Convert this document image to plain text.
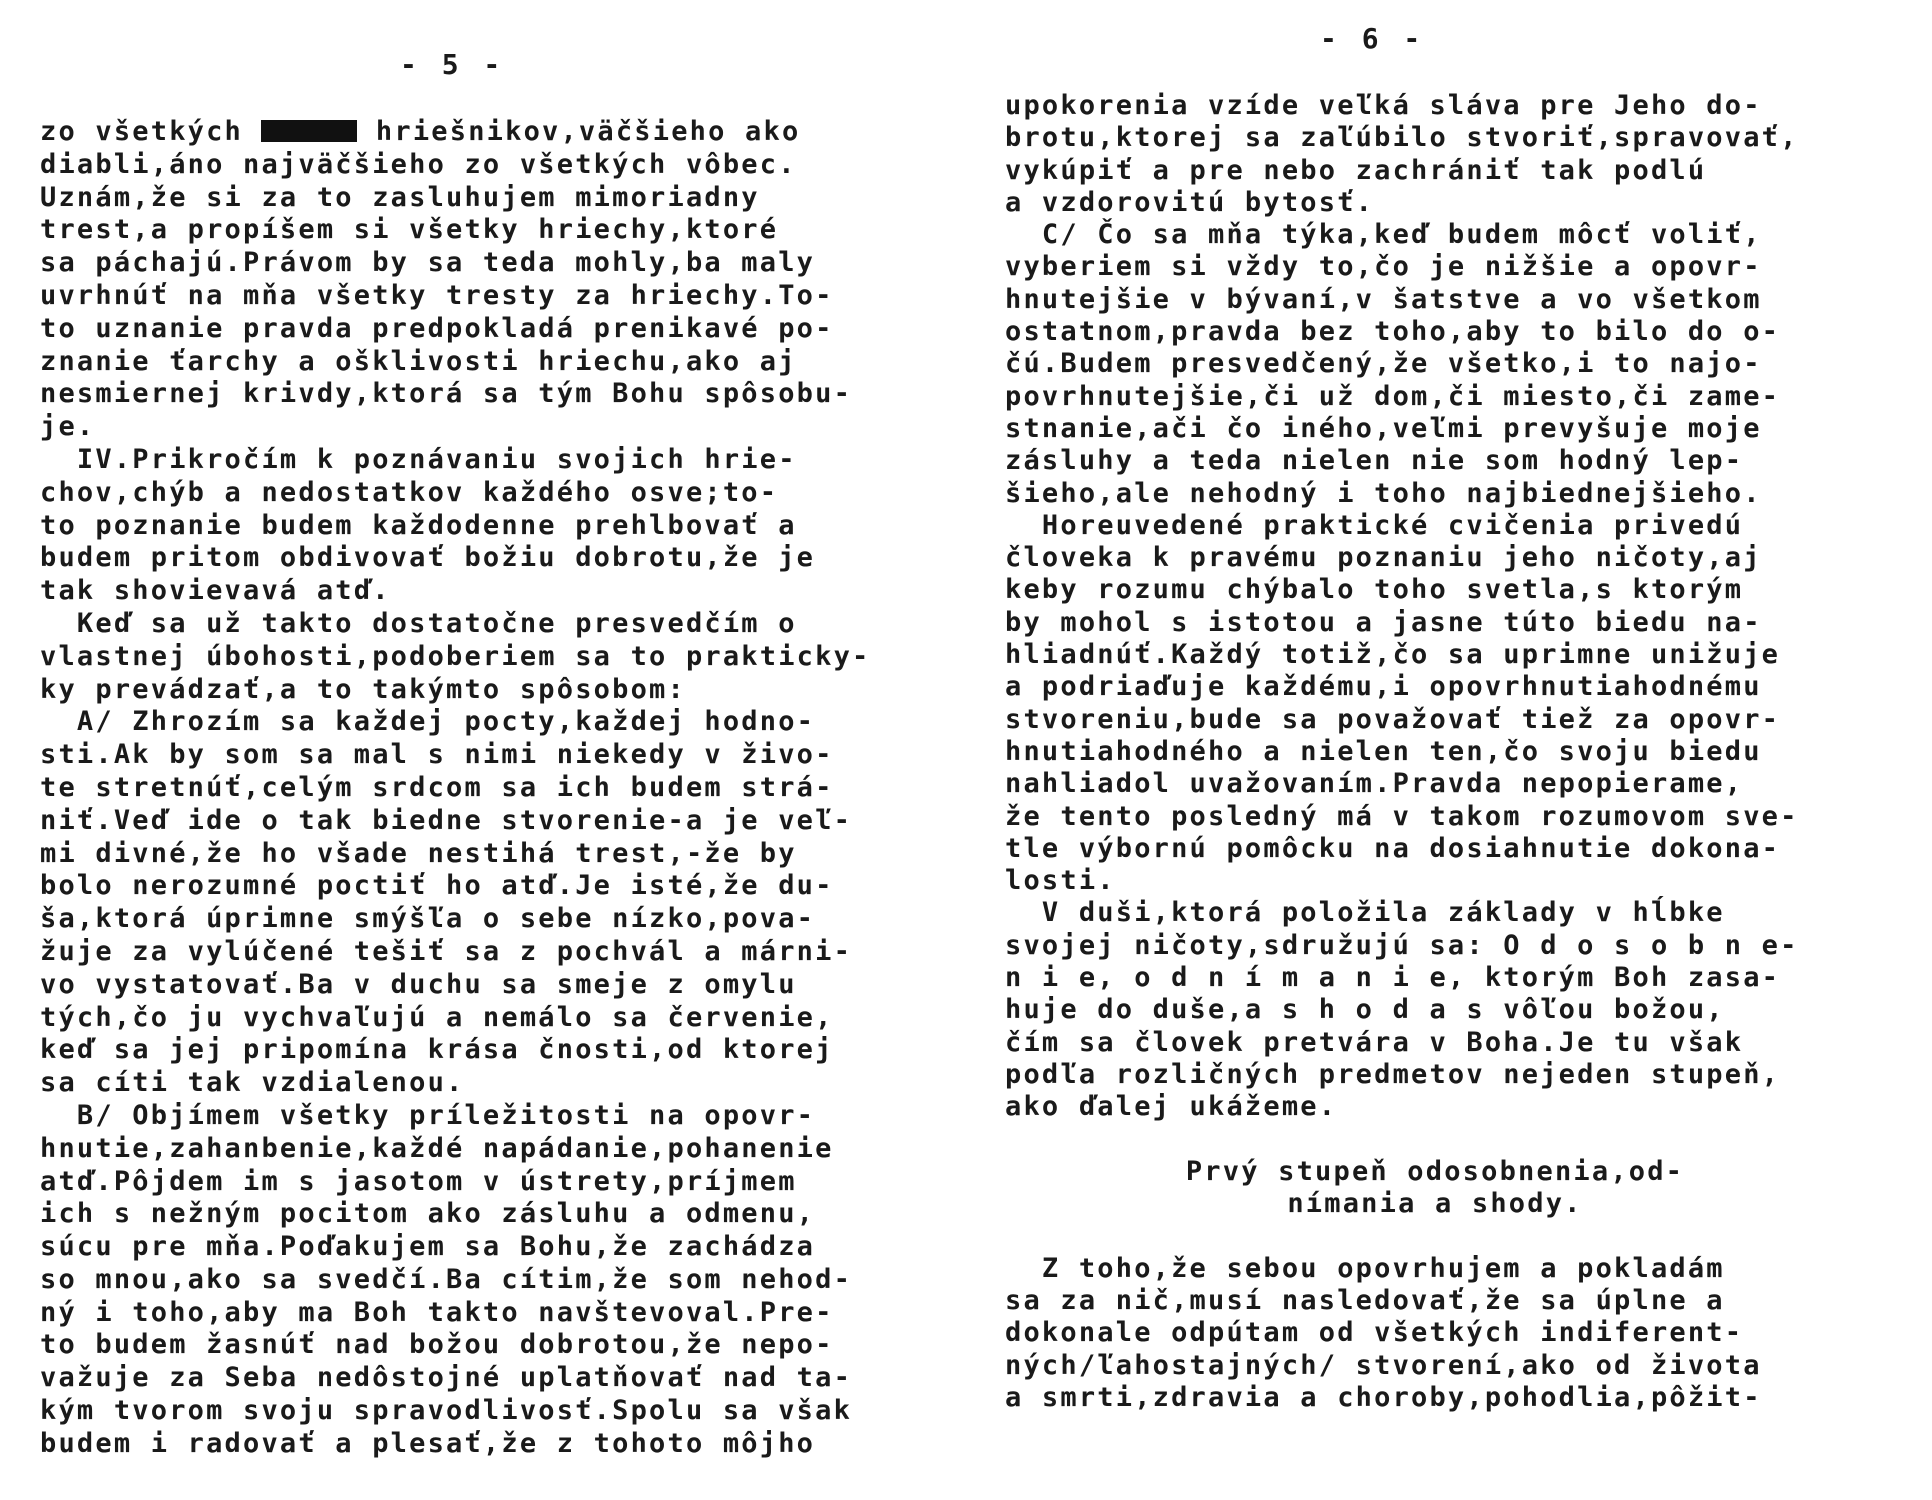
- 5 -
zo všetkých	hriešnikov,väčšieho ako
diabli,áno najväčšieho zo všetkých vôbec.
Uznám,že si za to zasluhujem mimoriadny
trest,a propíšem si všetky hriechy,ktoré
sa páchajú.Právom by sa teda mohly,ba maly
uvrhnúť na mňa všetky tresty za hriechy.To-
to uznanie pravda predpokladá prenikavé po-
znanie ťarchy a ošklivosti hriechu,ako aj
nesmiernej krivdy,ktorá sa tým Bohu spôsobu-
je.
IV.Prikročím k poznávaniu svojich hrie-
chov,chýb a nedostatkov každého osve;to-
to poznanie budem každodenne prehlbovať a
budem pritom obdivovať božiu dobrotu,že je
tak shovievavá atď.
Keď sa už takto dostatočne presvedčím o
vlastnej úbohosti,podoberiem sa to prakticky-
ky prevádzať,a to takýmto spôsobom:
A/ Zhrozím sa každej pocty,každej hodno-
sti.Ak by som sa mal s nimi niekedy v živo-
te stretnúť,celým srdcom sa ich budem strá-
niť.Veď ide o tak biedne stvorenie-a je veľ-
mi divné,že ho všade nestihá trest,-že by
bolo nerozumné poctiť ho atď.Je isté,že du-
ša,ktorá úprimne smýšľa o sebe nízko,pova-
žuje za vylúčené tešiť sa z pochvál a márni-
vo vystatovať.Ba v duchu sa smeje z omylu
tých,čo ju vychvaľujú a nemálo sa červenie,
keď sa jej pripomína krása čnosti,od ktorej
sa cíti tak vzdialenou.
B/ Objímem všetky príležitosti na opovr-
hnutie,zahanbenie,každé napádanie,pohanenie
atď.Pôjdem im s jasotom v ústrety,príjmem
ich s nežným pocitom ako zásluhu a odmenu,
súcu pre mňa.Poďakujem sa Bohu,že zachádza
so mnou,ako sa svedčí.Ba cítim,že som nehod-
ný i toho,aby ma Boh takto navštevoval.Pre-
to budem žasnúť nad božou dobrotou,že nepo-
važuje za Seba nedôstojné uplatňovať nad ta-
kým tvorom svoju spravodlivosť.Spolu sa však
budem i radovať a plesať,že z tohoto môjho
- 6 -
upokorenia vzíde veľká sláva pre Jeho do-
brotu,ktorej sa zaľúbilo stvoriť,spravovať,
vykúpiť a pre nebo zachrániť tak podlú
a vzdorovitú bytosť.
C/ Čo sa mňa týka,keď budem môcť voliť,
vyberiem si vždy to,čo je nižšie a opovr-
hnutejšie v bývaní,v šatstve a vo všetkom
ostatnom,pravda bez toho,aby to bilo do o-
čú.Budem presvedčený,že všetko,i to najo-
povrhnutejšie,či už dom,či miesto,či zame-
stnanie,ači čo iného,veľmi prevyšuje moje
zásluhy a teda nielen nie som hodný lep-
šieho,ale nehodný i toho najbiednejšieho.
Horeuvedené praktické cvičenia privedú
človeka k pravému poznaniu jeho ničoty,aj
keby rozumu chýbalo toho svetla,s ktorým
by mohol s istotou a jasne túto biedu na-
hliadnúť.Každý totiž,čo sa uprimne unižuje
a podriaďuje každému,i opovrhnutiahodnému
stvoreniu,bude sa považovať tiež za opovr-
hnutiahodného a nielen ten,čo svoju biedu
nahliadol uvažovaním.Pravda nepopierame,
že tento posledný má v takom rozumovom sve-
tle výbornú pomôcku na dosiahnutie dokona-
losti.
V duši,ktorá položila základy v hĺbke
svojej ničoty,sdružujú sa: O d o s o b n e-
n i e, o d n í m a n i e, ktorým Boh zasa-
huje do duše,a s h o d a s vôľou božou,
čím sa človek pretvára v Boha.Je tu však
podľa rozličných predmetov nejeden stupeň,
ako ďalej ukážeme.
Prvý stupeň odosobnenia,od-
nímania a shody.
Z toho,že sebou opovrhujem a pokladám
sa za nič,musí nasledovať,že sa úplne a
dokonale odpútam od všetkých indiferent-
ných/ľahostajných/ stvorení,ako od života
a smrti,zdravia a choroby,pohodlia,pôžit-
